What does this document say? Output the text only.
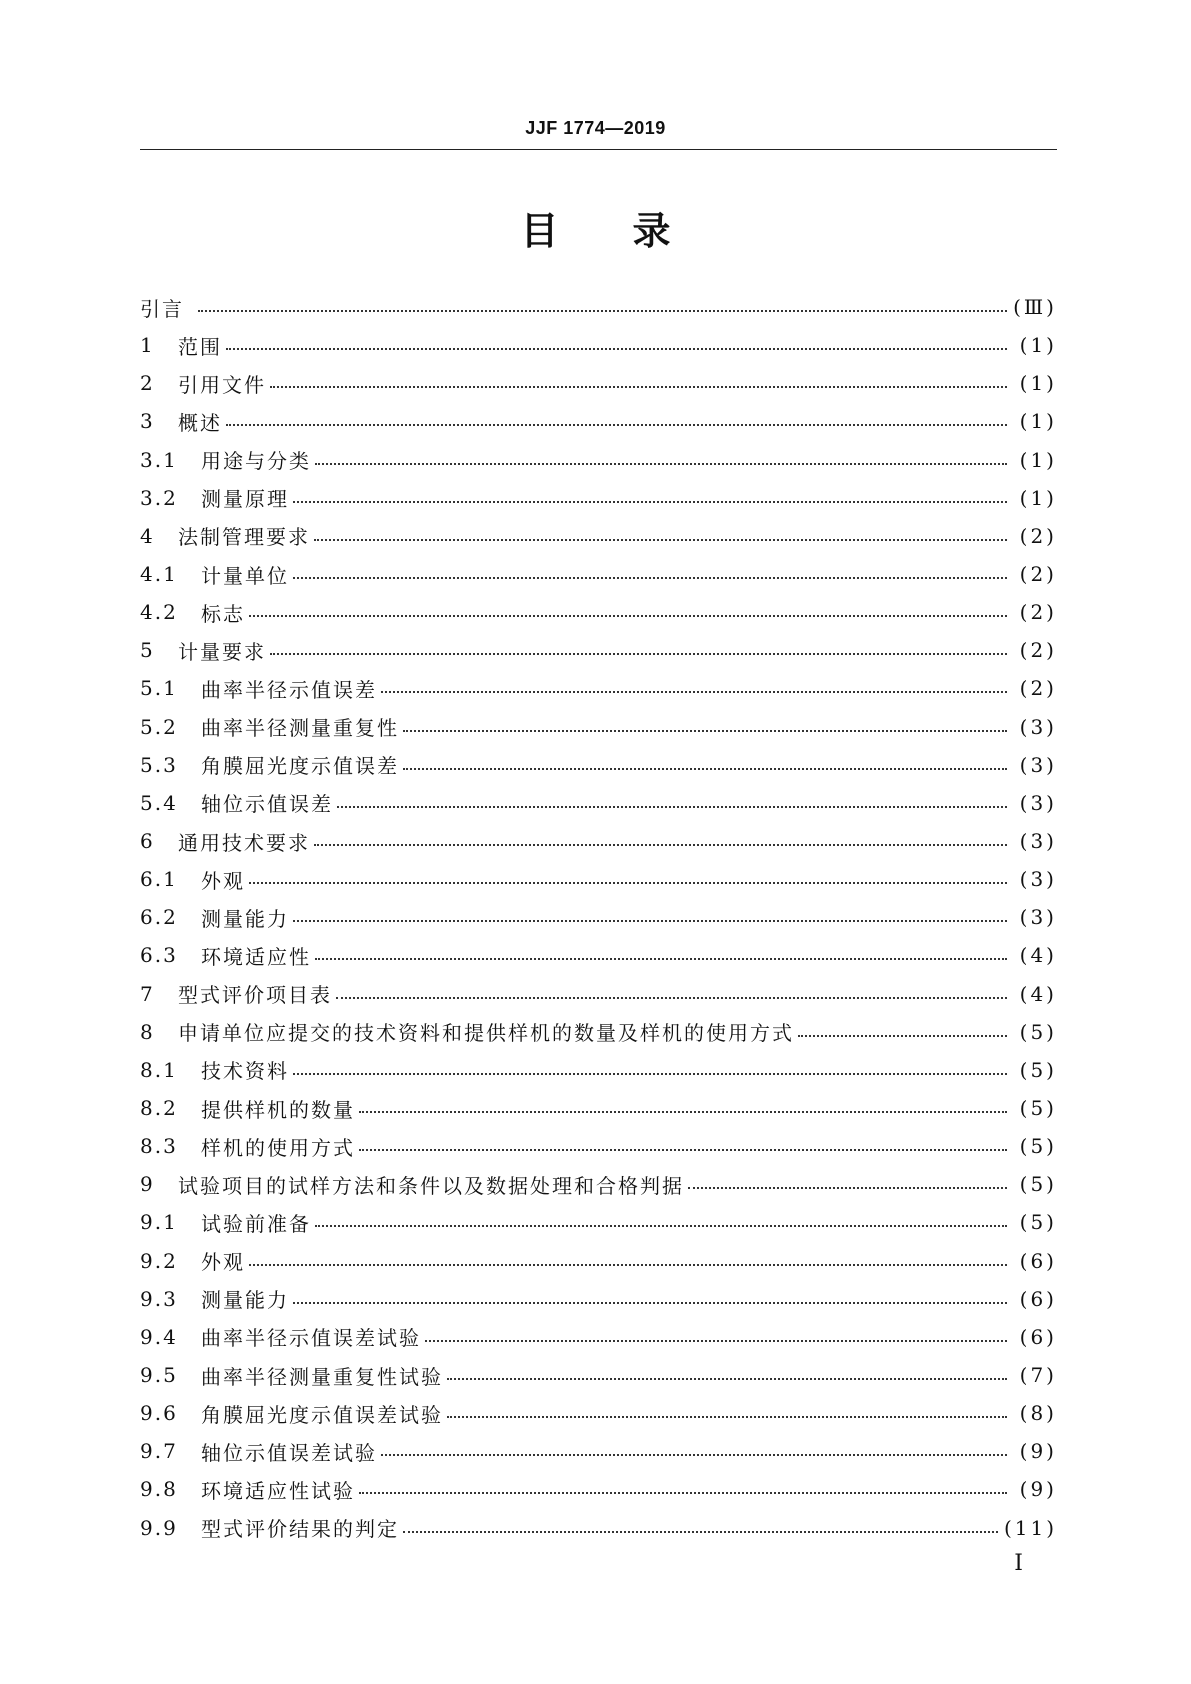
JJF 1774—2019
目录
引言	(Ⅲ)
1	范围	(1)
2	引用文件	(1)
3	概述	(1)
3.1	用途与分类	(1)
3.2	测量原理	(1)
4	法制管理要求	(2)
4.1	计量单位	(2)
4.2	标志	(2)
5	计量要求	(2)
5.1	曲率半径示值误差	(2)
5.2	曲率半径测量重复性	(3)
5.3	角膜屈光度示值误差	(3)
5.4	轴位示值误差	(3)
6	通用技术要求	(3)
6.1	外观	(3)
6.2	测量能力	(3)
6.3	环境适应性	(4)
7	型式评价项目表	(4)
8	申请单位应提交的技术资料和提供样机的数量及样机的使用方式	(5)
8.1	技术资料	(5)
8.2	提供样机的数量	(5)
8.3	样机的使用方式	(5)
9	试验项目的试样方法和条件以及数据处理和合格判据	(5)
9.1	试验前准备	(5)
9.2	外观	(6)
9.3	测量能力	(6)
9.4	曲率半径示值误差试验	(6)
9.5	曲率半径测量重复性试验	(7)
9.6	角膜屈光度示值误差试验	(8)
9.7	轴位示值误差试验	(9)
9.8	环境适应性试验	(9)
9.9	型式评价结果的判定	(11)
Ⅰ
